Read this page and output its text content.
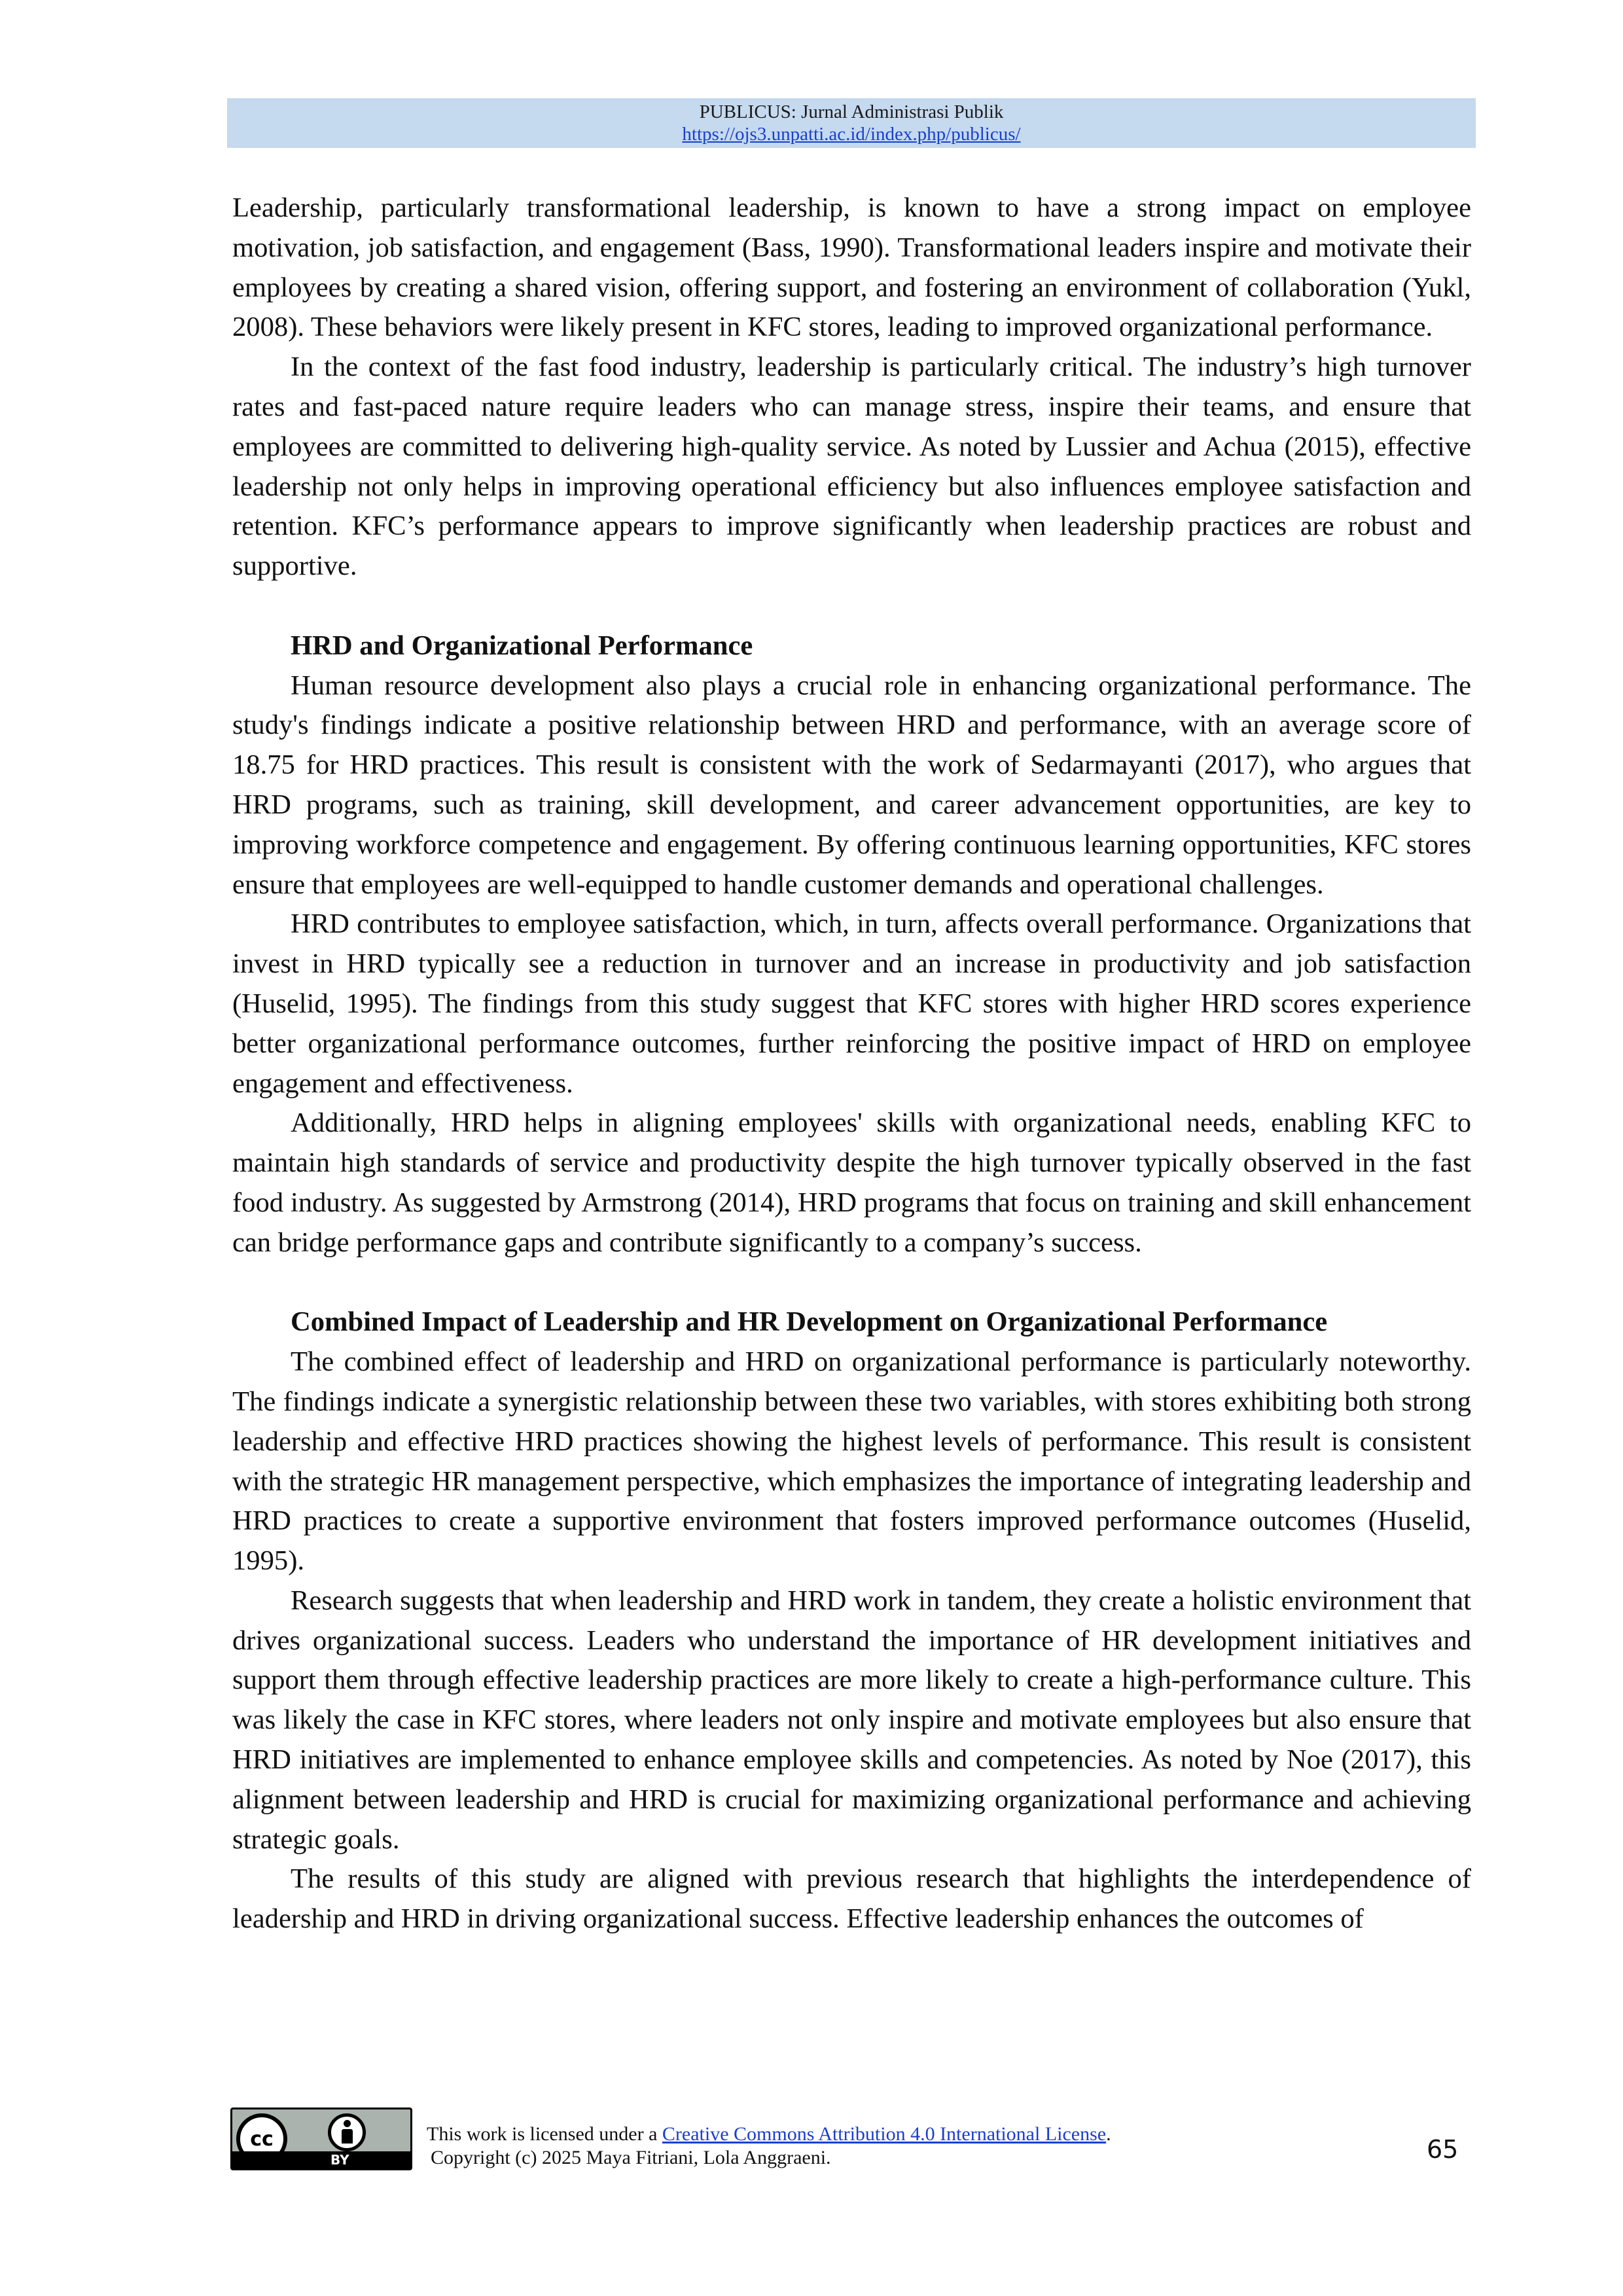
PUBLICUS: Jurnal Administrasi Publik
https://ojs3.unpatti.ac.id/index.php/publicus/

Leadership, particularly transformational leadership, is known to have a strong impact on employee motivation, job satisfaction, and engagement (Bass, 1990). Transformational leaders inspire and motivate their employees by creating a shared vision, offering support, and fostering an environment of collaboration (Yukl, 2008). These behaviors were likely present in KFC stores, leading to improved organizational performance.

In the context of the fast food industry, leadership is particularly critical. The industry’s high turnover rates and fast-paced nature require leaders who can manage stress, inspire their teams, and ensure that employees are committed to delivering high-quality service. As noted by Lussier and Achua (2015), effective leadership not only helps in improving operational efficiency but also influences employee satisfaction and retention. KFC’s performance appears to improve significantly when leadership practices are robust and supportive.

HRD and Organizational Performance

Human resource development also plays a crucial role in enhancing organizational performance. The study's findings indicate a positive relationship between HRD and performance, with an average score of 18.75 for HRD practices. This result is consistent with the work of Sedarmayanti (2017), who argues that HRD programs, such as training, skill development, and career advancement opportunities, are key to improving workforce competence and engagement. By offering continuous learning opportunities, KFC stores ensure that employees are well-equipped to handle customer demands and operational challenges.

HRD contributes to employee satisfaction, which, in turn, affects overall performance. Organizations that invest in HRD typically see a reduction in turnover and an increase in productivity and job satisfaction (Huselid, 1995). The findings from this study suggest that KFC stores with higher HRD scores experience better organizational performance outcomes, further reinforcing the positive impact of HRD on employee engagement and effectiveness.

Additionally, HRD helps in aligning employees' skills with organizational needs, enabling KFC to maintain high standards of service and productivity despite the high turnover typically observed in the fast food industry. As suggested by Armstrong (2014), HRD programs that focus on training and skill enhancement can bridge performance gaps and contribute significantly to a company’s success.

Combined Impact of Leadership and HR Development on Organizational Performance

The combined effect of leadership and HRD on organizational performance is particularly noteworthy. The findings indicate a synergistic relationship between these two variables, with stores exhibiting both strong leadership and effective HRD practices showing the highest levels of performance. This result is consistent with the strategic HR management perspective, which emphasizes the importance of integrating leadership and HRD practices to create a supportive environment that fosters improved performance outcomes (Huselid, 1995).

Research suggests that when leadership and HRD work in tandem, they create a holistic environment that drives organizational success. Leaders who understand the importance of HR development initiatives and support them through effective leadership practices are more likely to create a high-performance culture. This was likely the case in KFC stores, where leaders not only inspire and motivate employees but also ensure that HRD initiatives are implemented to enhance employee skills and competencies. As noted by Noe (2017), this alignment between leadership and HRD is crucial for maximizing organizational performance and achieving strategic goals.

The results of this study are aligned with previous research that highlights the interdependence of leadership and HRD in driving organizational success. Effective leadership enhances the outcomes of

cc
BY
This work is licensed under a Creative Commons Attribution 4.0 International License.
Copyright (c) 2025 Maya Fitriani, Lola Anggraeni.	65
